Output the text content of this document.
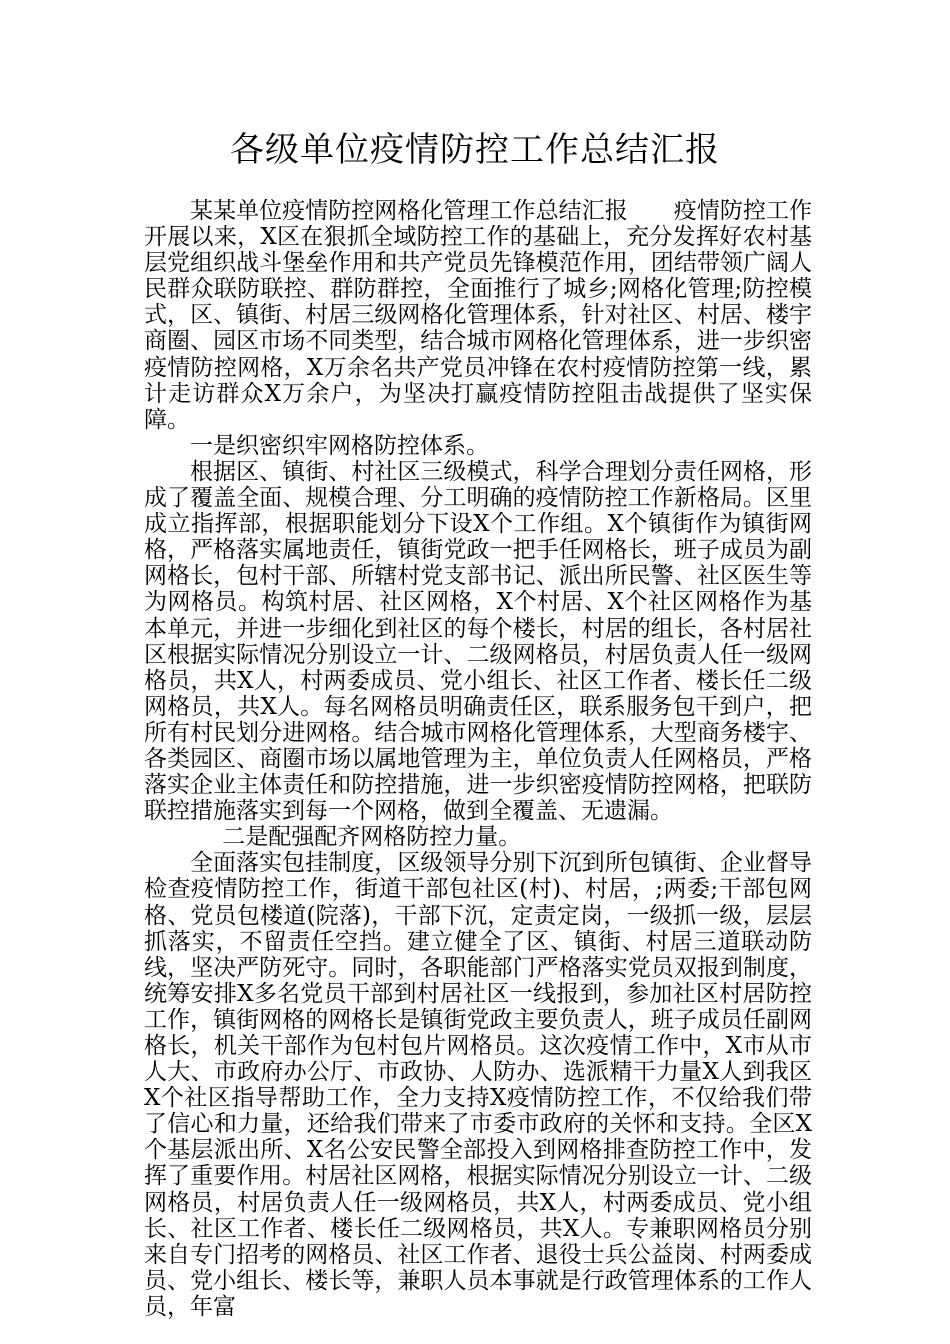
各级单位疫情防控工作总结汇报

某某单位疫情防控网格化管理工作总结汇报　　疫情防控工作开展以来，X区在狠抓全域防控工作的基础上，充分发挥好农村基层党组织战斗堡垒作用和共产党员先锋模范作用，团结带领广阔人民群众联防联控、群防群控，全面推行了城乡;网格化管理;防控模式，区、镇街、村居三级网格化管理体系，针对社区、村居、楼宇商圈、园区市场不同类型，结合城市网格化管理体系，进一步织密疫情防控网格，X万余名共产党员冲锋在农村疫情防控第一线，累计走访群众X万余户，为坚决打赢疫情防控阻击战提供了坚实保障。

一是织密织牢网格防控体系。

根据区、镇街、村社区三级模式，科学合理划分责任网格，形成了覆盖全面、规模合理、分工明确的疫情防控工作新格局。区里成立指挥部，根据职能划分下设X个工作组。X个镇街作为镇街网格，严格落实属地责任，镇街党政一把手任网格长，班子成员为副网格长，包村干部、所辖村党支部书记、派出所民警、社区医生等为网格员。构筑村居、社区网格，X个村居、X个社区网格作为基本单元，并进一步细化到社区的每个楼长，村居的组长，各村居社区根据实际情况分别设立一计、二级网格员，村居负责人任一级网格员，共X人，村两委成员、党小组长、社区工作者、楼长任二级网格员，共X人。每名网格员明确责任区，联系服务包干到户，把所有村民划分进网格。结合城市网格化管理体系，大型商务楼宇、各类园区、商圈市场以属地管理为主，单位负责人任网格员，严格落实企业主体责任和防控措施，进一步织密疫情防控网格，把联防联控措施落实到每一个网格，做到全覆盖、无遗漏。

二是配强配齐网格防控力量。

全面落实包挂制度，区级领导分别下沉到所包镇街、企业督导检查疫情防控工作，街道干部包社区(村)、村居，;两委;干部包网格、党员包楼道(院落)，干部下沉，定责定岗，一级抓一级，层层抓落实，不留责任空挡。建立健全了区、镇街、村居三道联动防线，坚决严防死守。同时，各职能部门严格落实党员双报到制度，统筹安排X多名党员干部到村居社区一线报到，参加社区村居防控工作，镇街网格的网格长是镇街党政主要负责人，班子成员任副网格长，机关干部作为包村包片网格员。这次疫情工作中，X市从市人大、市政府办公厅、市政协、人防办、选派精干力量X人到我区X个社区指导帮助工作，全力支持X疫情防控工作，不仅给我们带了信心和力量，还给我们带来了市委市政府的关怀和支持。全区X个基层派出所、X名公安民警全部投入到网格排查防控工作中，发挥了重要作用。村居社区网格，根据实际情况分别设立一计、二级网格员，村居负责人任一级网格员，共X人，村两委成员、党小组长、社区工作者、楼长任二级网格员，共X人。专兼职网格员分别来自专门招考的网格员、社区工作者、退役士兵公益岗、村两委成员、党小组长、楼长等，兼职人员本事就是行政管理体系的工作人员，年富
